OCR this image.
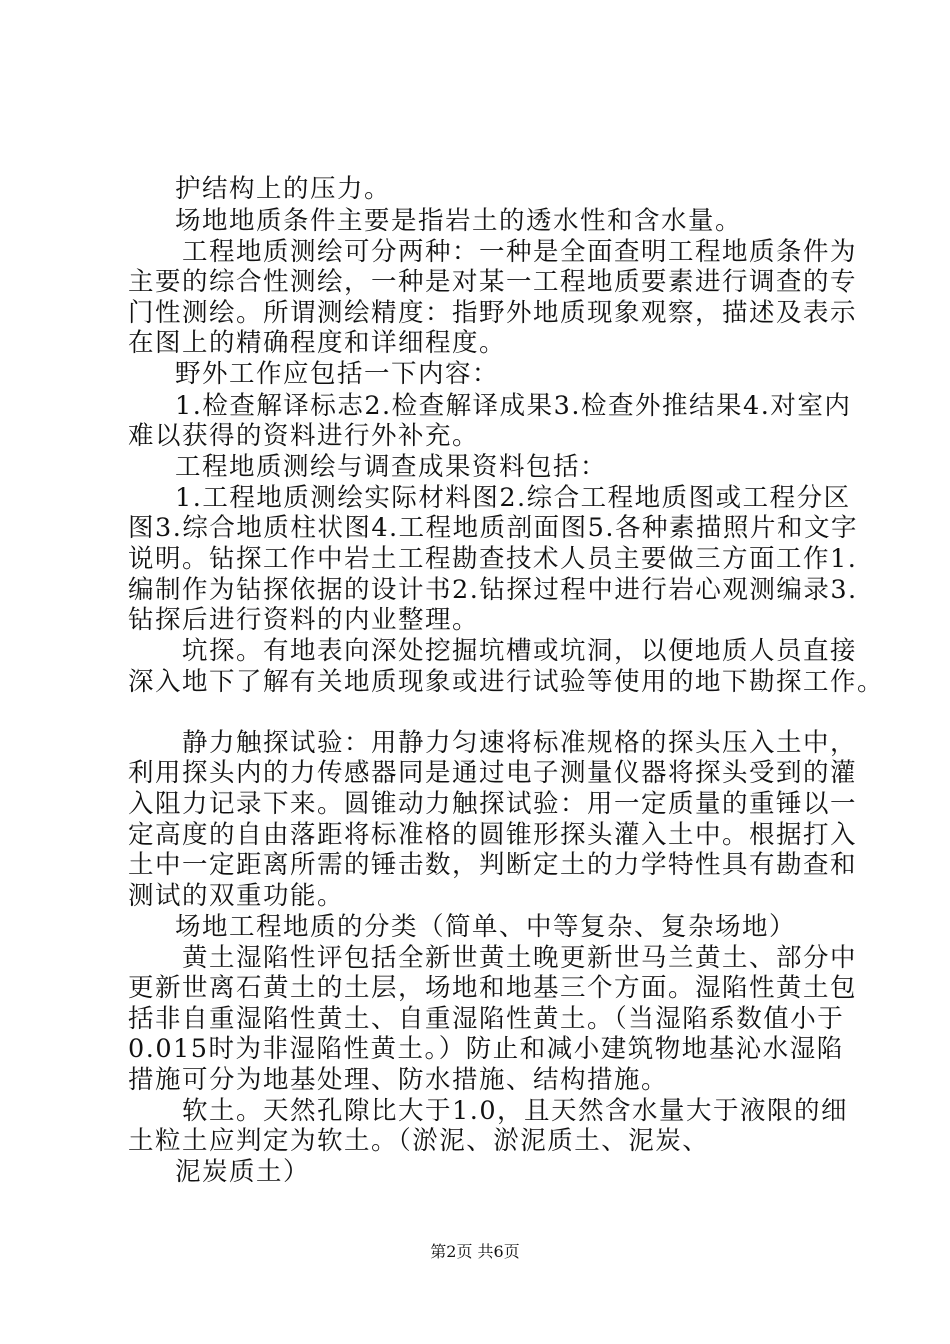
护结构上的压力。
场地地质条件主要是指岩土的透水性和含水量。
工程地质测绘可分两种：一种是全面查明工程地质条件为
主要的综合性测绘，一种是对某一工程地质要素进行调查的专
门性测绘。所谓测绘精度：指野外地质现象观察，描述及表示
在图上的精确程度和详细程度。
野外工作应包括一下内容：
1.检查解译标志2.检查解译成果3.检查外推结果4.对室内
难以获得的资料进行外补充。
工程地质测绘与调查成果资料包括：
1.工程地质测绘实际材料图2.综合工程地质图或工程分区
图3.综合地质柱状图4.工程地质剖面图5.各种素描照片和文字
说明。钻探工作中岩土工程勘查技术人员主要做三方面工作1.
编制作为钻探依据的设计书2.钻探过程中进行岩心观测编录3.
钻探后进行资料的内业整理。
坑探。有地表向深处挖掘坑槽或坑洞，以便地质人员直接
深入地下了解有关地质现象或进行试验等使用的地下勘探工作。
静力触探试验：用静力匀速将标准规格的探头压入土中，
利用探头内的力传感器同是通过电子测量仪器将探头受到的灌
入阻力记录下来。圆锥动力触探试验：用一定质量的重锤以一
定高度的自由落距将标准格的圆锥形探头灌入土中。根据打入
土中一定距离所需的锤击数，判断定土的力学特性具有勘查和
测试的双重功能。
场地工程地质的分类（简单、中等复杂、复杂场地）
黄土湿陷性评包括全新世黄土晚更新世马兰黄土、部分中
更新世离石黄土的土层，场地和地基三个方面。湿陷性黄土包
括非自重湿陷性黄土、自重湿陷性黄土。（当湿陷系数值小于
0.015时为非湿陷性黄土。）防止和减小建筑物地基沁水湿陷
措施可分为地基处理、防水措施、结构措施。
软土。天然孔隙比大于1.0，且天然含水量大于液限的细
土粒土应判定为软土。（淤泥、淤泥质土、泥炭、
泥炭质土）
第2页 共6页
